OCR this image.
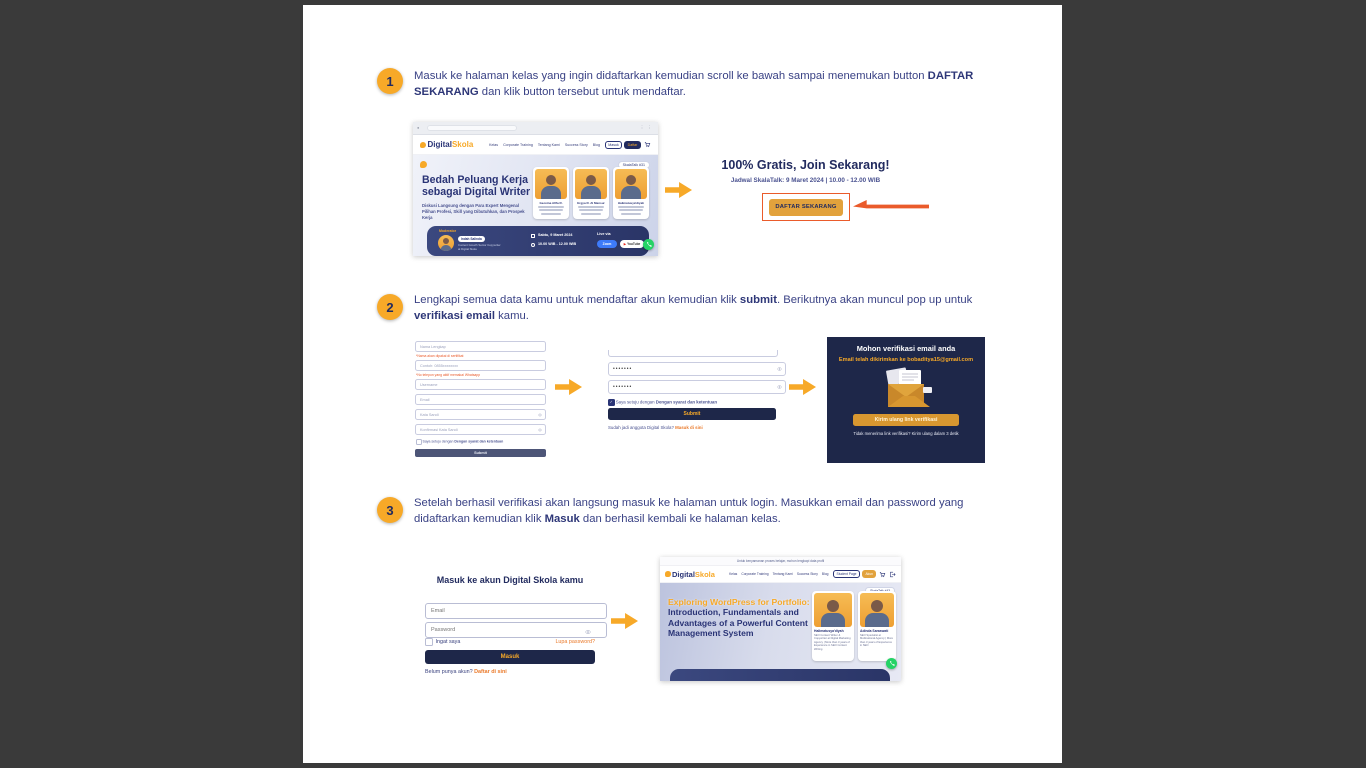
1 Masuk ke halaman kelas yang ingin didaftarkan kemudian scroll ke bawah sampai menemukan button DAFTAR SEKARANG dan klik button tersebut untuk mendaftar.
●	⋮ ⋮
Digital Skola	Kelas Corporate Training Tentang Kami Success Story Blog	Masuk	Daftar
SkalaTalk #31
Bedah Peluang Kerja sebagai Digital Writer
Diskusi Langsung dengan Para Expert Mengenal Pilihan Profesi, Skill yang Dibutuhkan, dan Prospek Kerja
Geovina Afifa R.	Ergya R. Al Mansur	Halimatusya'diyah
Moderator
Indah Salinda
Content Growth Senior Copywriter at Digital Skola
Sabtu, 9 Maret 2024
10.00 WIB - 12.00 WIB
Live via
Zoom	▶ YouTube
100% Gratis, Join Sekarang!
Jadwal SkalaTalk: 9 Maret 2024 | 10.00 - 12.00 WIB
DAFTAR SEKARANG
2 Lengkapi semua data kamu untuk mendaftar akun kemudian klik submit. Berikutnya akan muncul pop up untuk verifikasi email kamu.
Nama Lengkap
*Nama akan dipakai di sertifikat
Contoh: 0855xxxxxxxx
*No telepon yang aktif memakai Whatsapp
Username
Email
Kata Sandi
Konfirmasi Kata Sandi
Saya setuju dengan Dengan syarat dan ketentuan
Submit
•••••••
•••••••
✓ Saya setuju dengan Dengan syarat dan ketentuan
Submit
Sudah jadi anggota Digital Skola? Masuk di sini
Mohon verifikasi email anda
Email telah dikirimkan ke bobaditya15@gmail.com
Kirim ulang link verifikasi
Tidak menerima link verifikasi? Kirim ulang dalam 3 detik
3 Setelah berhasil verifikasi akan langsung masuk ke halaman untuk login. Masukkan email dan password yang didaftarkan kemudian klik Masuk dan berhasil kembali ke halaman kelas.
Masuk ke akun Digital Skola kamu
Email
Password
Ingat saya	Lupa password?
Masuk
Belum punya akun? Daftar di sini
Untuk kenyamanan proses belajar, mohon lengkapi data profil
Digital Skola	Kelas Corporate Training Tentang Kami Success Story Blog	Student Page	Akun
Exploring WordPress for Portfolio: Introduction, Fundamentals and Advantages of a Powerful Content Management System	Halimatusya'diyah
SEO Content Writer & Copywriter at Digital Marketing Agency | More than 3 years of Experience in SEO Content Writing
Adinda Saraswati
SEO Specialist at Multinational Agency | More than 3 years of Experience in SEO
